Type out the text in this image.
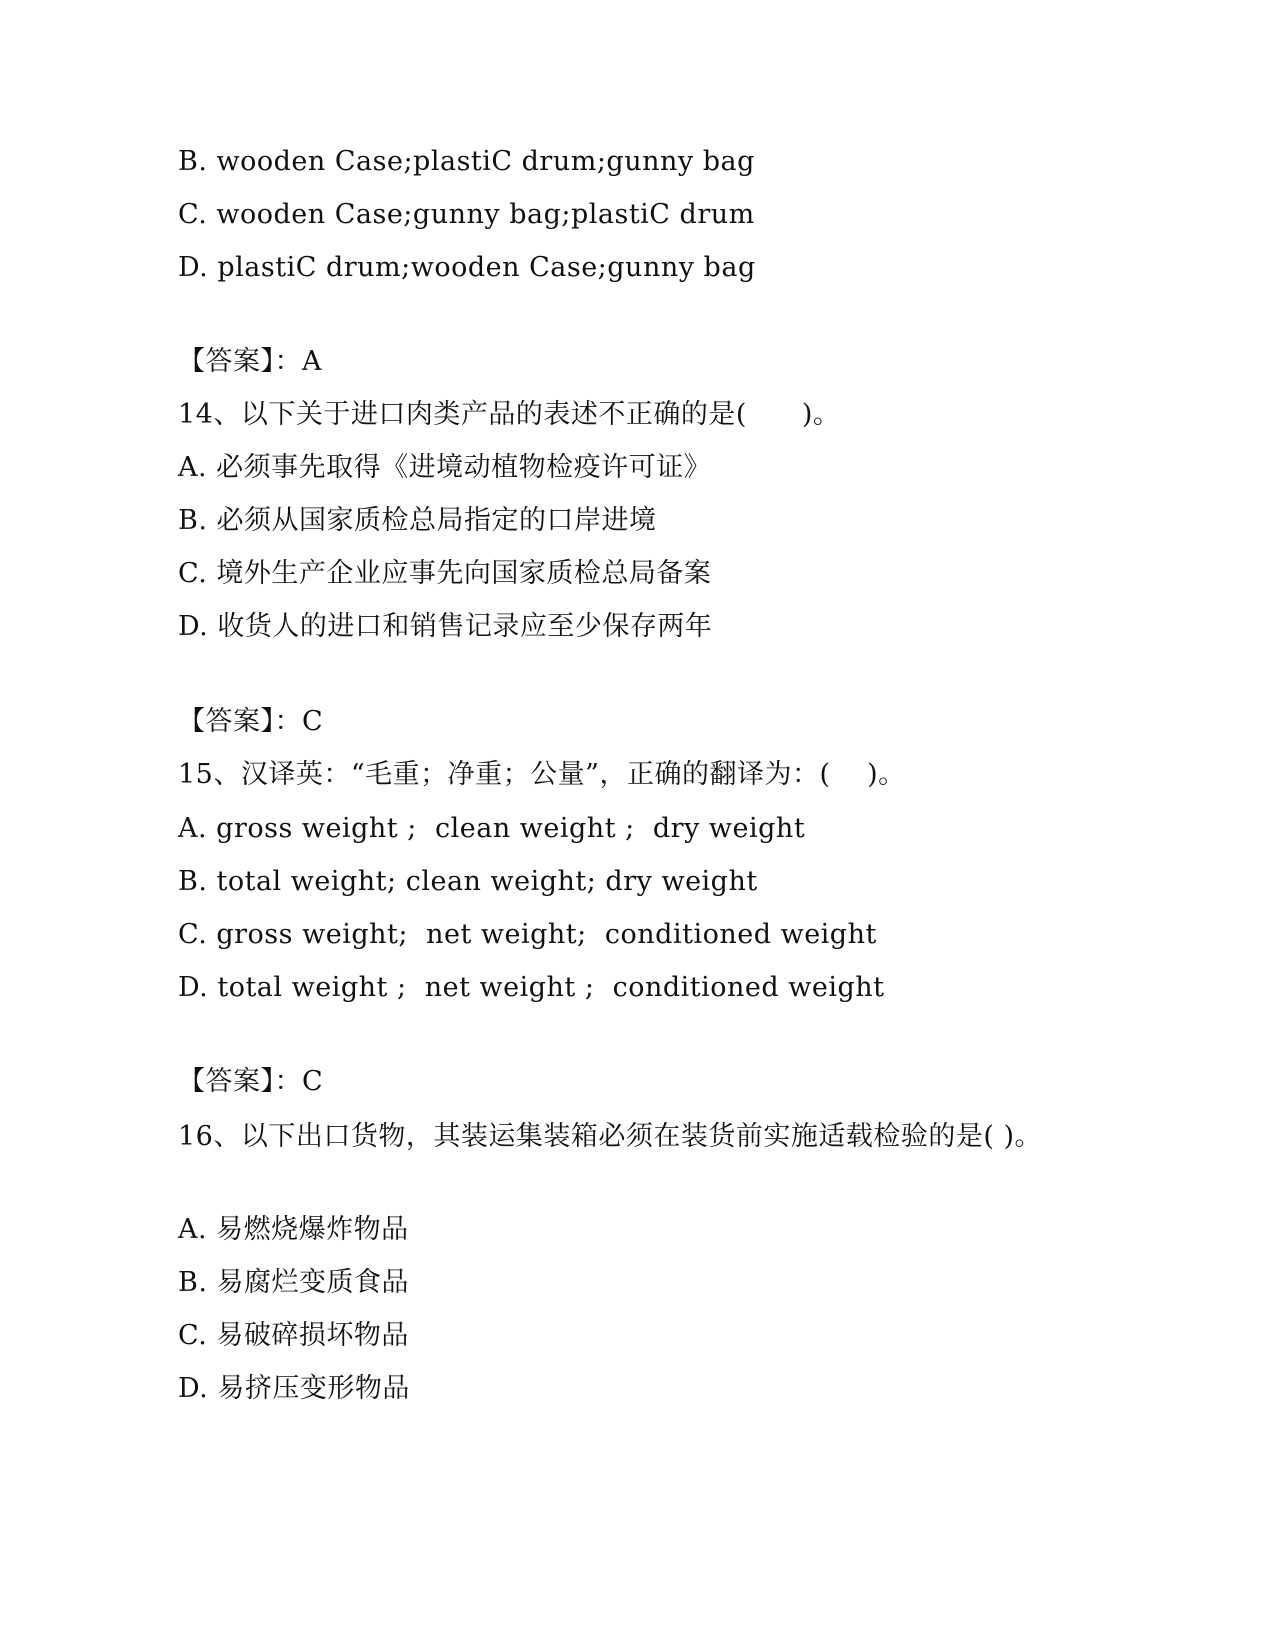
B. wooden Case;plastiC drum;gunny bag
C. wooden Case;gunny bag;plastiC drum
D. plastiC drum;wooden Case;gunny bag
【答案】：A
14、以下关于进口肉类产品的表述不正确的是(　　)。
A. 必须事先取得《进境动植物检疫许可证》
B. 必须从国家质检总局指定的口岸进境
C. 境外生产企业应事先向国家质检总局备案
D. 收货人的进口和销售记录应至少保存两年
【答案】：C
15、汉译英：“毛重；净重；公量”，正确的翻译为：(　 )。
A. gross weight ;  clean weight ;  dry weight
B. total weight; clean weight; dry weight
C. gross weight;  net weight;  conditioned weight
D. total weight ;  net weight ;  conditioned weight
【答案】：C
16、以下出口货物，其装运集装箱必须在装货前实施适载检验的是( )。
A. 易燃烧爆炸物品
B. 易腐烂变质食品
C. 易破碎损坏物品
D. 易挤压变形物品
